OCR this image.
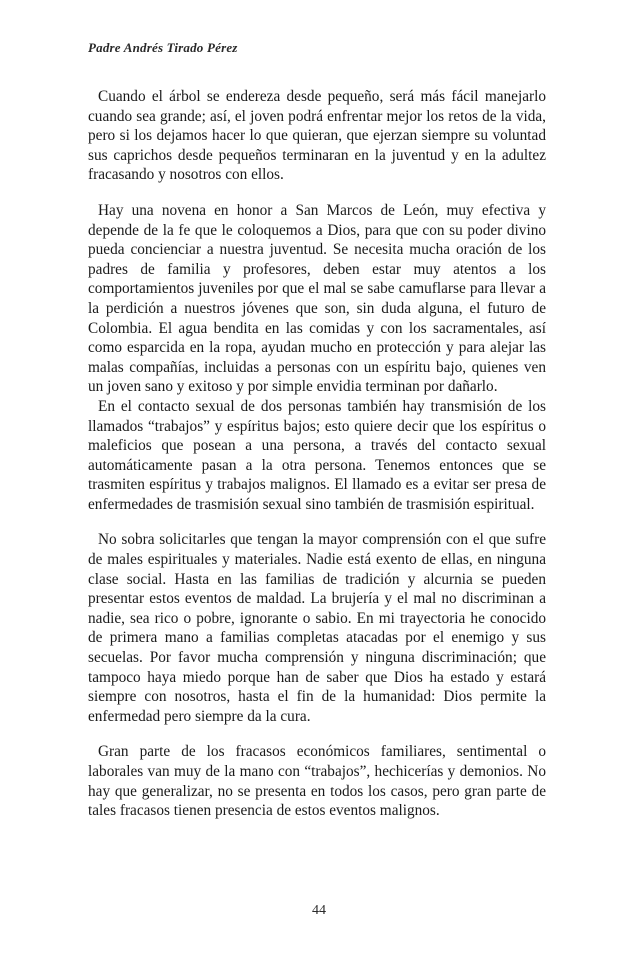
Padre Andrés Tirado Pérez

Cuando el árbol se endereza desde pequeño, será más fácil manejarlo cuando sea grande; así, el joven podrá enfrentar mejor los retos de la vida, pero si los dejamos hacer lo que quieran, que ejerzan siempre su voluntad sus caprichos desde pequeños terminaran en la juventud y en la adultez fracasando y nosotros con ellos.

Hay una novena en honor a San Marcos de León, muy efectiva y depende de la fe que le coloquemos a Dios, para que con su poder divino pueda concienciar a nuestra juventud. Se necesita mucha oración de los padres de familia y profesores, deben estar muy atentos a los comportamientos juveniles por que el mal se sabe camuflarse para llevar a la perdición a nuestros jóvenes que son, sin duda alguna, el futuro de Colombia. El agua bendita en las comidas y con los sacramentales, así como esparcida en la ropa, ayudan mucho en protección y para alejar las malas compañías, incluidas a personas con un espíritu bajo, quienes ven un joven sano y exitoso y por simple envidia terminan por dañarlo.

En el contacto sexual de dos personas también hay transmisión de los llamados “trabajos” y espíritus bajos; esto quiere decir que los espíritus o maleficios que posean a una persona, a través del contacto sexual automáticamente pasan a la otra persona. Tenemos entonces que se trasmiten espíritus y trabajos malignos. El llamado es a evitar ser presa de enfermedades de trasmisión sexual sino también de trasmisión espiritual.

No sobra solicitarles que tengan la mayor comprensión con el que sufre de males espirituales y materiales. Nadie está exento de ellas, en ninguna clase social. Hasta en las familias de tradición y alcurnia se pueden presentar estos eventos de maldad. La brujería y el mal no discriminan a nadie, sea rico o pobre, ignorante o sabio. En mi trayectoria he conocido de primera mano a familias completas atacadas por el enemigo y sus secuelas. Por favor mucha comprensión y ninguna discriminación; que tampoco haya miedo porque han de saber que Dios ha estado y estará siempre con nosotros, hasta el fin de la humanidad: Dios permite la enfermedad pero siempre da la cura.

Gran parte de los fracasos económicos familiares, sentimental o laborales van muy de la mano con “trabajos”, hechicerías y demonios. No hay que generalizar, no se presenta en todos los casos, pero gran parte de tales fracasos tienen presencia de estos eventos malignos.

44
